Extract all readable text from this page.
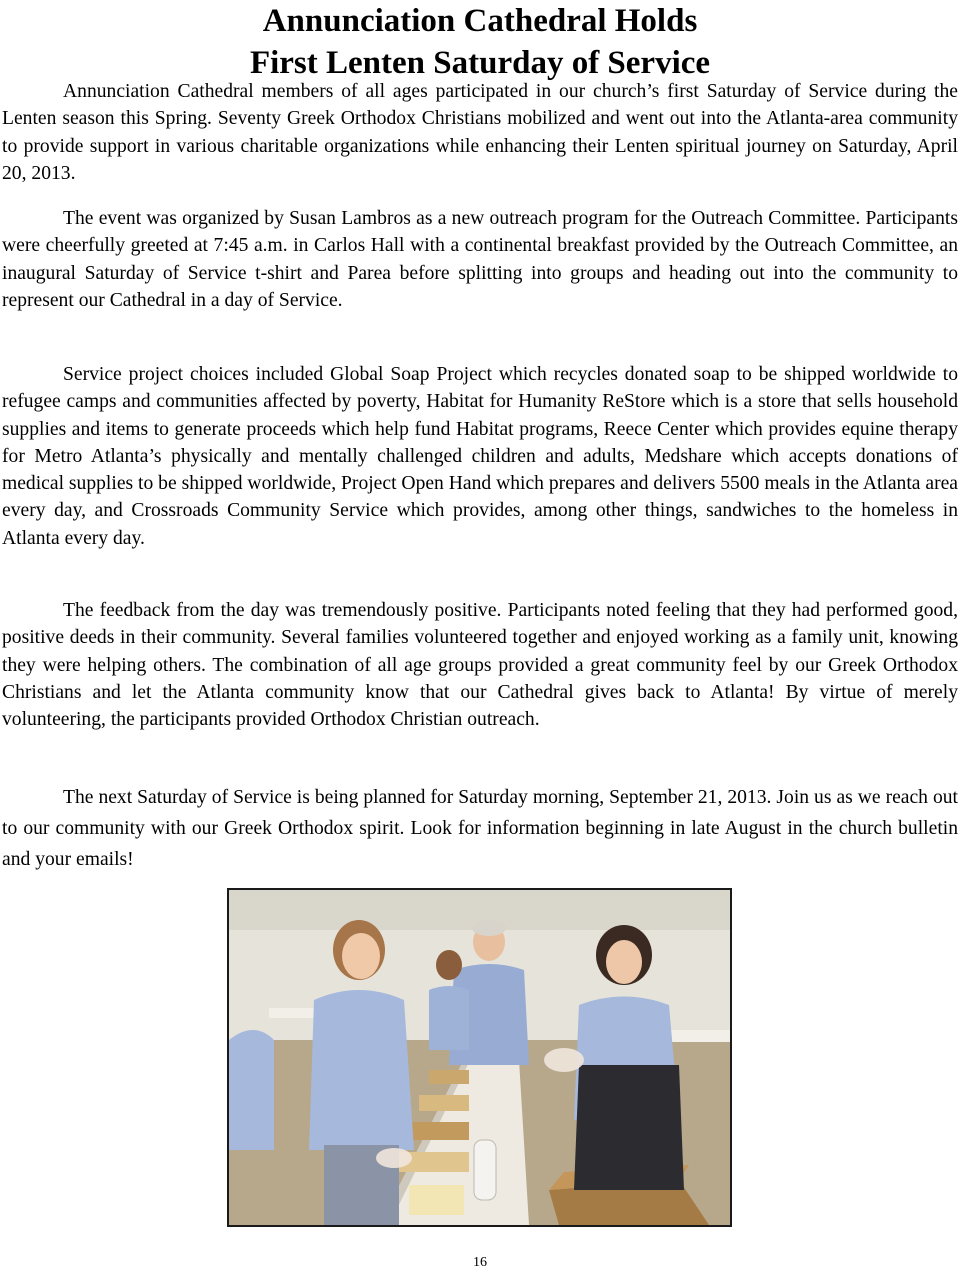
Annunciation Cathedral Holds
First Lenten Saturday of Service

Annunciation Cathedral members of all ages participated in our church’s first Saturday of Service during the Lenten season this Spring. Seventy Greek Orthodox Christians mobilized and went out into the Atlanta-area community to provide support in various charitable organizations while enhancing their Lenten spiritual journey on Saturday, April 20, 2013.

The event was organized by Susan Lambros as a new outreach program for the Outreach Committee. Participants were cheerfully greeted at 7:45 a.m. in Carlos Hall with a continental breakfast provided by the Outreach Committee, an inaugural Saturday of Service t-shirt and Parea before splitting into groups and heading out into the community to represent our Cathedral in a day of Service.

Service project choices included Global Soap Project which recycles donated soap to be shipped worldwide to refugee camps and communities affected by poverty, Habitat for Humanity ReStore which is a store that sells household supplies and items to generate proceeds which help fund Habitat programs, Reece Center which provides equine therapy for Metro Atlanta’s physically and mentally challenged children and adults, Medshare which accepts donations of medical supplies to be shipped worldwide, Project Open Hand which prepares and delivers 5500 meals in the Atlanta area every day, and Crossroads Community Service which provides, among other things, sandwiches to the homeless in Atlanta every day.

The feedback from the day was tremendously positive. Participants noted feeling that they had performed good, positive deeds in their community. Several families volunteered together and enjoyed working as a family unit, knowing they were helping others. The combination of all age groups provided a great community feel by our Greek Orthodox Christians and let the Atlanta community know that our Cathedral gives back to Atlanta! By virtue of merely volunteering, the participants provided Orthodox Christian outreach.

The next Saturday of Service is being planned for Saturday morning, September 21, 2013. Join us as we reach out to our community with our Greek Orthodox spirit. Look for information beginning in late August in the church bulletin and your emails!

16
